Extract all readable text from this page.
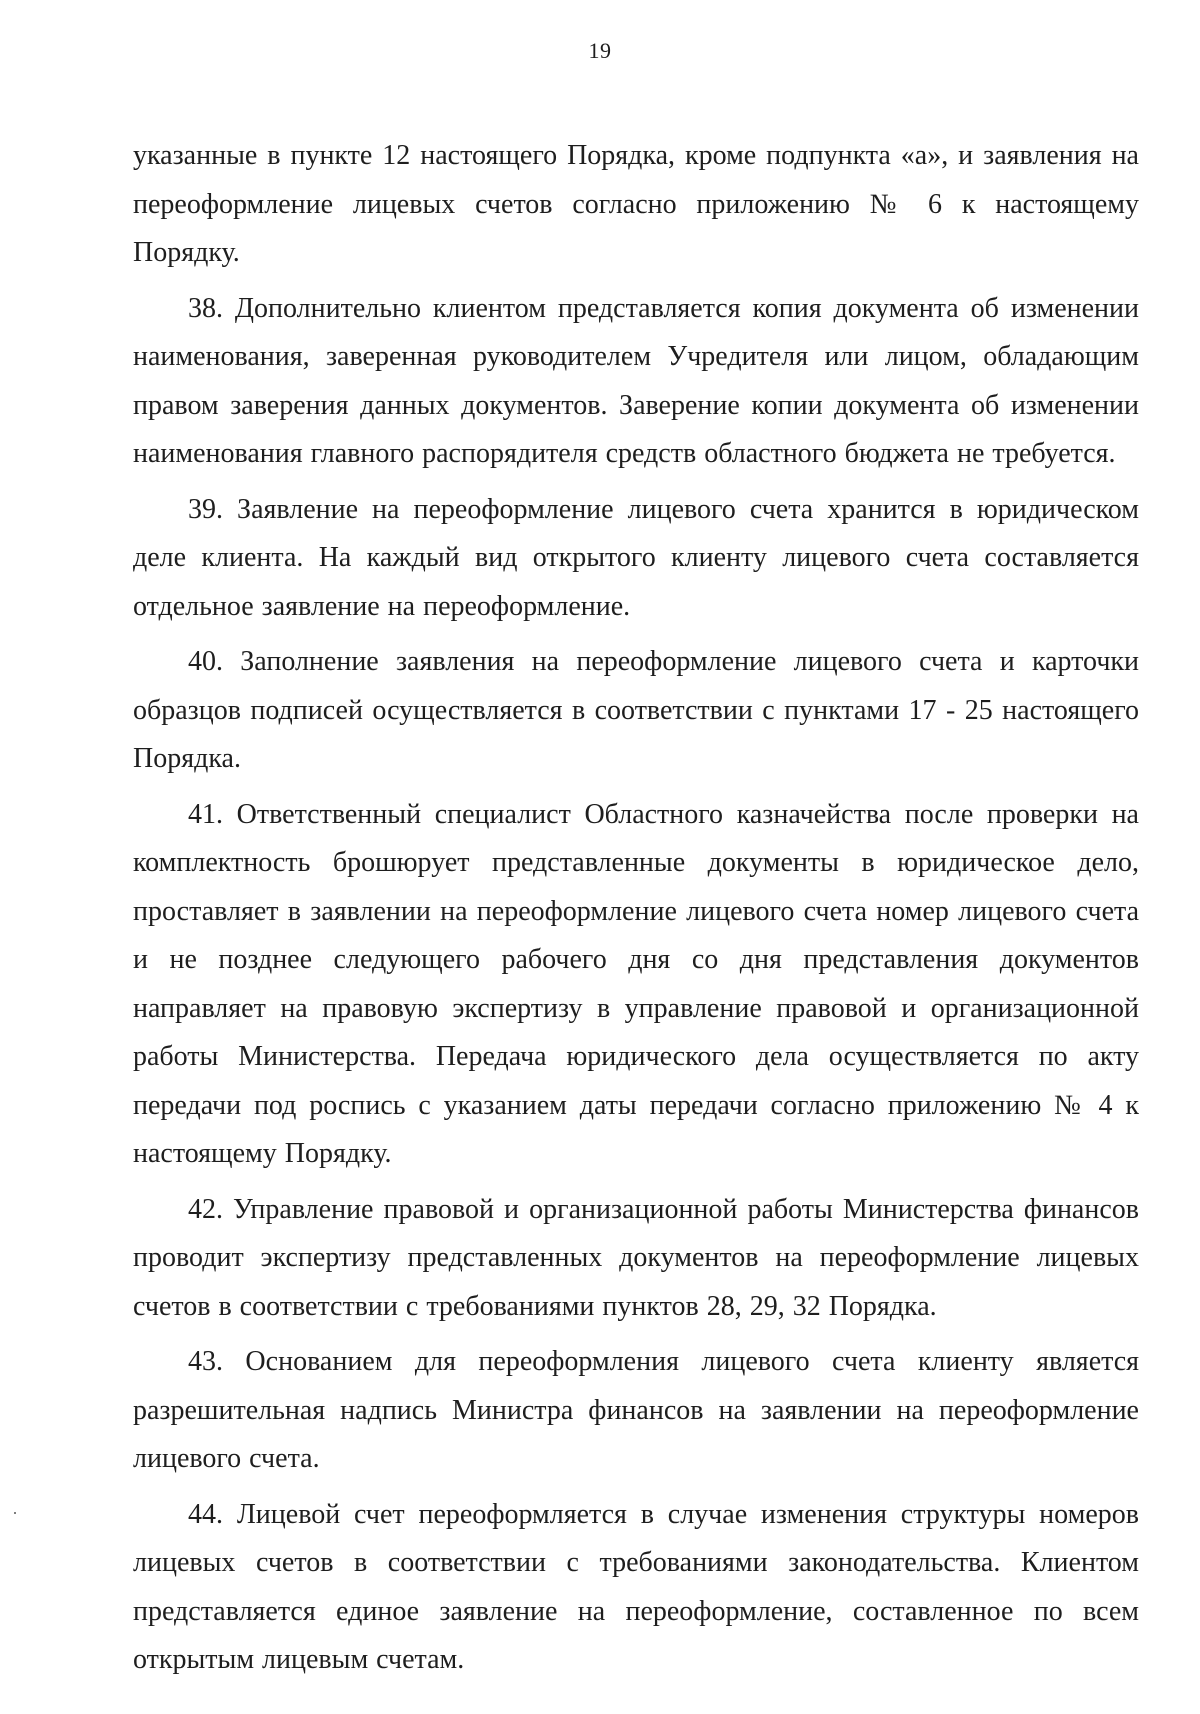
19

указанные в пункте 12 настоящего Порядка, кроме подпункта «а», и заявления на переоформление лицевых счетов согласно приложению № 6 к настоящему Порядку.

38. Дополнительно клиентом представляется копия документа об изменении наименования, заверенная руководителем Учредителя или лицом, обладающим правом заверения данных документов. Заверение копии документа об изменении наименования главного распорядителя средств областного бюджета не требуется.

39. Заявление на переоформление лицевого счета хранится в юридическом деле клиента. На каждый вид открытого клиенту лицевого счета составляется отдельное заявление на переоформление.

40. Заполнение заявления на переоформление лицевого счета и карточки образцов подписей осуществляется в соответствии с пунктами 17 - 25 настоящего Порядка.

41. Ответственный специалист Областного казначейства после проверки на комплектность брошюрует представленные документы в юридическое дело, проставляет в заявлении на переоформление лицевого счета номер лицевого счета и не позднее следующего рабочего дня со дня представления документов направляет на правовую экспертизу в управление правовой и организационной работы Министерства. Передача юридического дела осуществляется по акту передачи под роспись с указанием даты передачи согласно приложению № 4 к настоящему Порядку.

42. Управление правовой и организационной работы Министерства финансов проводит экспертизу представленных документов на переоформление лицевых счетов в соответствии с требованиями пунктов 28, 29, 32 Порядка.

43. Основанием для переоформления лицевого счета клиенту является разрешительная надпись Министра финансов на заявлении на переоформление лицевого счета.

44. Лицевой счет переоформляется в случае изменения структуры номеров лицевых счетов в соответствии с требованиями законодательства. Клиентом представляется единое заявление на переоформление, составленное по всем открытым лицевым счетам.
